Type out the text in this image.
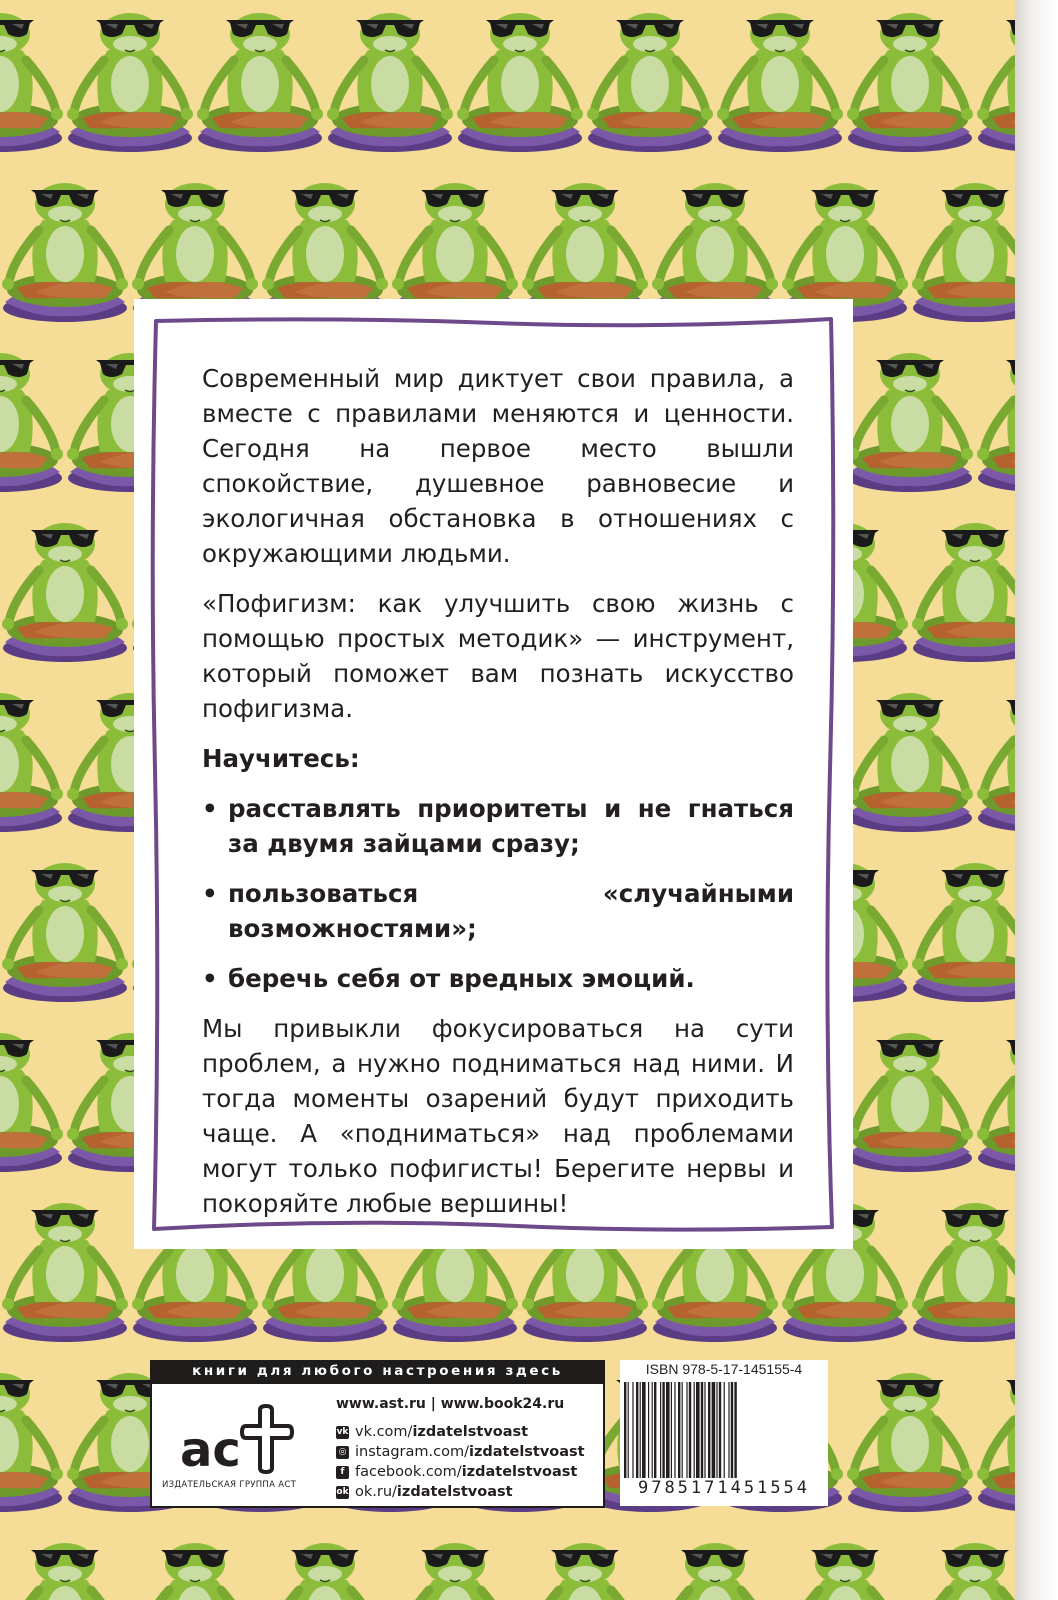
Современный мир диктует свои правила, а вместе с правилами меняются и ценности. Сегодня на первое место вышли спокойствие, душевное равновесие и экологичная обстановка в отношениях с окружающими людьми.

«Пофигизм: как улучшить свою жизнь с помощью простых методик» — инструмент, который поможет вам познать искусство пофигизма.

Научитесь:

• расставлять приоритеты и не гнаться за двумя зайцами сразу;

• пользоваться «случайными возможностями»;

• беречь себя от вредных эмоций.

Мы привыкли фокусироваться на сути проблем, а нужно подниматься над ними. И тогда моменты озарений будут приходить чаще. А «подниматься» над проблемами могут только пофигисты! Берегите нервы и покоряйте любые вершины!

книги для любого настроения здесь
ас
ИЗДАТЕЛЬСКАЯ ГРУППА АСТ
www.ast.ru | www.book24.ru
vk vk.com/ izdatelstvoast
◎ instagram.com/ izdatelstvoast
f facebook.com/ izdatelstvoast
ok ok.ru/ izdatelstvoast
ISBN 978-5-17-145155-4
9785171451554
